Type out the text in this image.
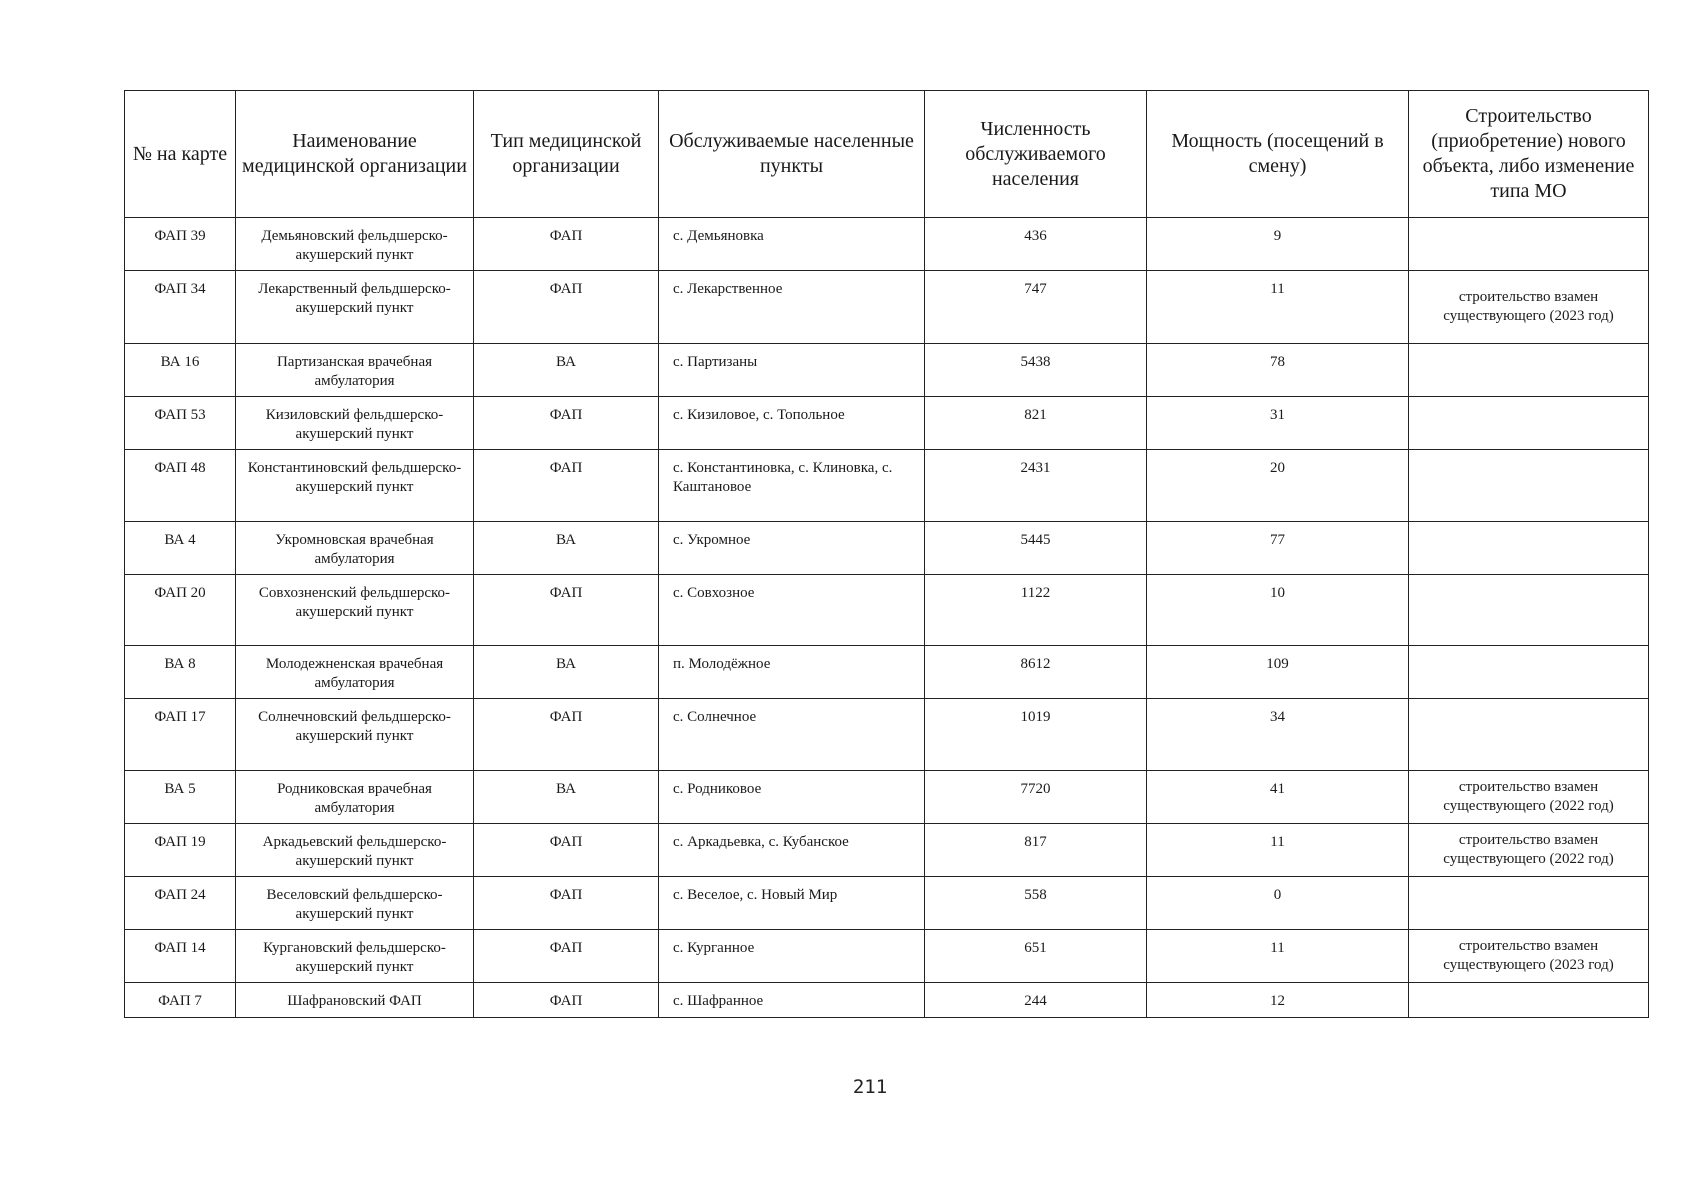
№ на карте	Наименование медицинской организации	Тип медицинской организации	Обслуживаемые населенные пункты	Численность обслуживаемого населения	Мощность (посещений в смену)	Строительство (приобретение) нового объекта, либо изменение типа МО
ФАП 39	Демьяновский фельдшерско-акушерский пункт	ФАП	с. Демьяновка	436	9	
ФАП 34	Лекарственный фельдшерско- акушерский пункт	ФАП	с. Лекарственное	747	11	строительство взамен существующего (2023 год)
ВА 16	Партизанская врачебная амбулатория	ВА	с. Партизаны	5438	78	
ФАП 53	Кизиловский фельдшерско-акушерский пункт	ФАП	с. Кизиловое, с. Топольное	821	31	
ФАП 48	Константиновский фельдшерско- акушерский пункт	ФАП	с. Константиновка, с. Клиновка, с. Каштановое	2431	20	
ВА 4	Укромновская врачебная амбулатория	ВА	с. Укромное	5445	77	
ФАП 20	Совхозненский фельдшерско- акушерский пункт	ФАП	с. Совхозное	1122	10	
ВА 8	Молодежненская врачебная амбулатория	ВА	п. Молодёжное	8612	109	
ФАП 17	Солнечновский фельдшерско- акушерский пункт	ФАП	с. Солнечное	1019	34	
ВА 5	Родниковская врачебная амбулатория	ВА	с. Родниковое	7720	41	строительство взамен существующего (2022 год)
ФАП 19	Аркадьевский фельдшерско-акушерский пункт	ФАП	с. Аркадьевка, с. Кубанское	817	11	строительство взамен существующего (2022 год)
ФАП 24	Веселовский фельдшерско-акушерский пункт	ФАП	с. Веселое, с. Новый Мир	558	0	
ФАП 14	Кургановский фельдшерско-акушерский пункт	ФАП	с. Курганное	651	11	строительство взамен существующего (2023 год)
ФАП 7	Шафрановский ФАП	ФАП	с. Шафранное	244	12	
211
